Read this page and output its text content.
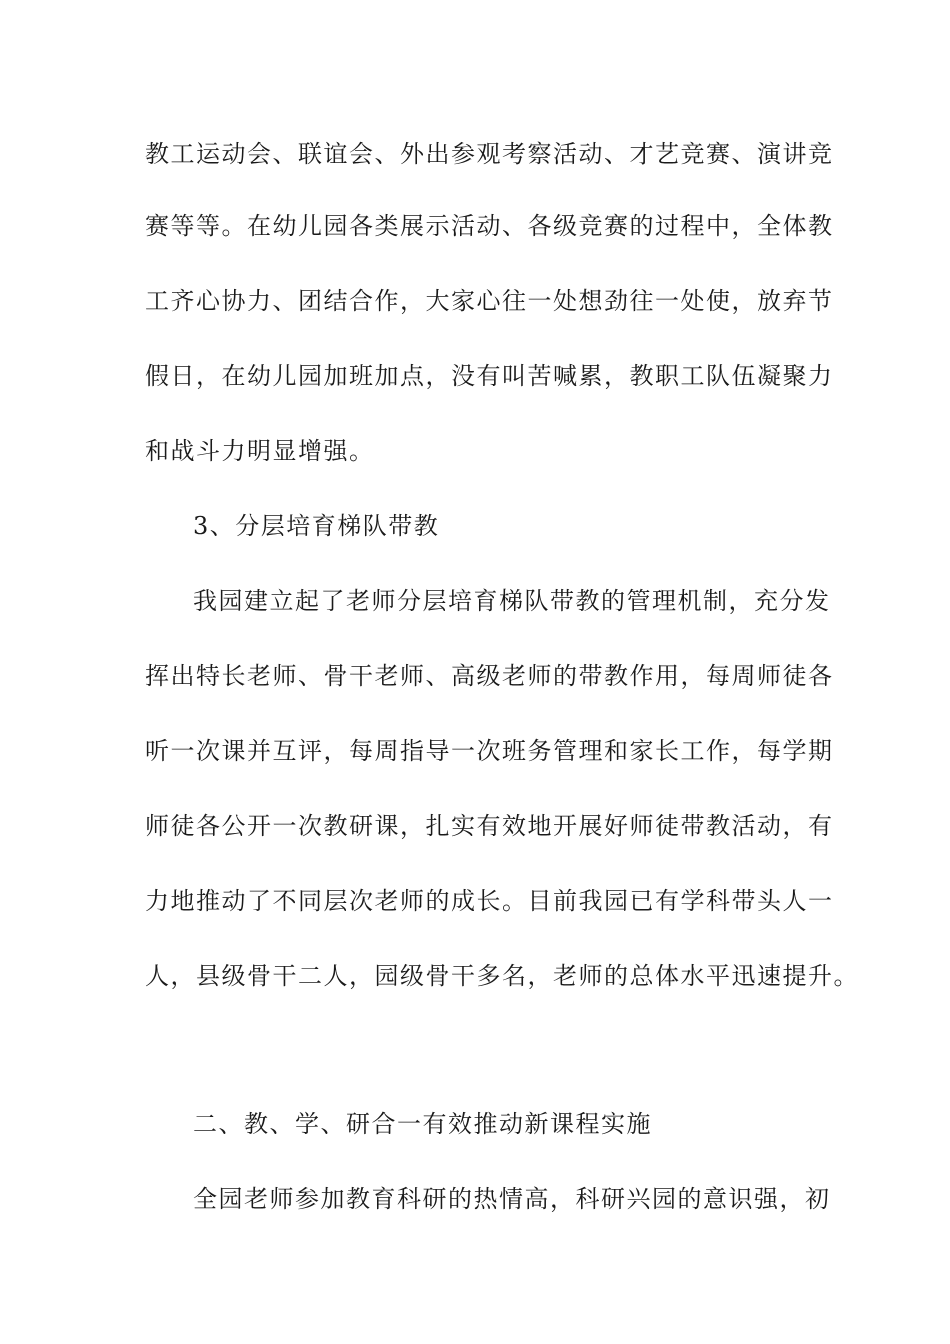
教工运动会、联谊会、外出参观考察活动、才艺竞赛、演讲竞
赛等等。在幼儿园各类展示活动、各级竞赛的过程中，全体教
工齐心协力、团结合作，大家心往一处想劲往一处使，放弃节
假日，在幼儿园加班加点，没有叫苦喊累，教职工队伍凝聚力
和战斗力明显增强。
3、分层培育梯队带教
我园建立起了老师分层培育梯队带教的管理机制，充分发
挥出特长老师、骨干老师、高级老师的带教作用，每周师徒各
听一次课并互评，每周指导一次班务管理和家长工作，每学期
师徒各公开一次教研课，扎实有效地开展好师徒带教活动，有
力地推动了不同层次老师的成长。目前我园已有学科带头人一
人，县级骨干二人，园级骨干多名，老师的总体水平迅速提升。
二、教、学、研合一有效推动新课程实施
全园老师参加教育科研的热情高，科研兴园的意识强，初
